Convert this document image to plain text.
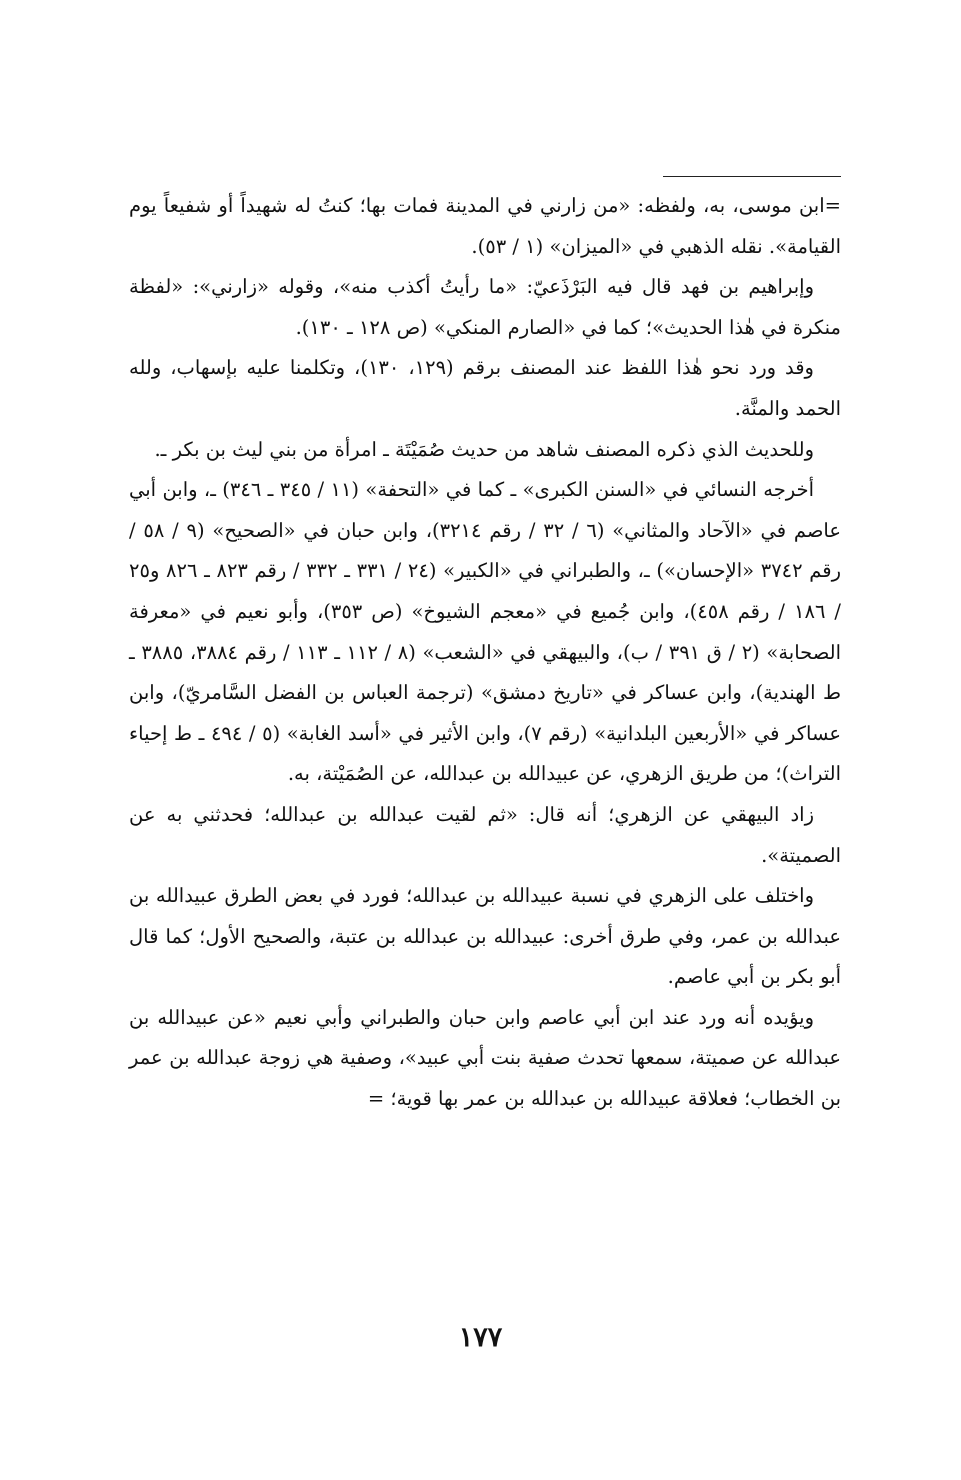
=ابن موسى، به، ولفظه: «من زارني في المدينة فمات بها؛ كنتُ له شهيداً أو شفيعاً يوم القيامة». نقله الذهبي في «الميزان» (١ / ٥٣).

وإبراهيم بن فهد قال فيه البَرْذَعيّ: «ما رأيتُ أكذب منه»، وقوله «زارني»: «لفظة منكرة في هٰذا الحديث»؛ كما في «الصارم المنكي» (ص ١٢٨ ـ ١٣٠).

وقد ورد نحو هٰذا اللفظ عند المصنف برقم (١٢٩، ١٣٠)، وتكلمنا عليه بإسهاب، ولله الحمد والمنَّة.

وللحديث الذي ذكره المصنف شاهد من حديث صُمَيْتَة ـ امرأة من بني ليث بن بكر ـ.

أخرجه النسائي في «السنن الكبرى» ـ كما في «التحفة» (١١ / ٣٤٥ ـ ٣٤٦) ـ، وابن أبي عاصم في «الآحاد والمثاني» (٦ / ٣٢ / رقم ٣٢١٤)، وابن حبان في «الصحيح» (٩ / ٥٨ / رقم ٣٧٤٢ «الإحسان») ـ، والطبراني في «الكبير» (٢٤ / ٣٣١ ـ ٣٣٢ / رقم ٨٢٣ ـ ٨٢٦ و٢٥ / ١٨٦ / رقم ٤٥٨)، وابن جُميع في «معجم الشيوخ» (ص ٣٥٣)، وأبو نعيم في «معرفة الصحابة» (٢ / ق ٣٩١ / ب)، والبيهقي في «الشعب» (٨ / ١١٢ ـ ١١٣ / رقم ٣٨٨٤، ٣٨٨٥ ـ ط الهندية)، وابن عساكر في «تاريخ دمشق» (ترجمة العباس بن الفضل السَّامريّ)، وابن عساكر في «الأربعين البلدانية» (رقم ٧)، وابن الأثير في «أسد الغابة» (٥ / ٤٩٤ ـ ط إحياء التراث)؛ من طريق الزهري، عن عبيدالله بن عبدالله، عن الصُمَيْتة، به.

زاد البيهقي عن الزهري؛ أنه قال: «ثم لقيت عبدالله بن عبدالله؛ فحدثني به عن الصميتة».

واختلف على الزهري في نسبة عبيدالله بن عبدالله؛ فورد في بعض الطرق عبيدالله بن عبدالله بن عمر، وفي طرق أخرى: عبيدالله بن عبدالله بن عتبة، والصحيح الأول؛ كما قال أبو بكر بن أبي عاصم.

ويؤيده أنه ورد عند ابن أبي عاصم وابن حبان والطبراني وأبي نعيم «عن عبيدالله بن عبدالله عن صميتة، سمعها تحدث صفية بنت أبي عبيد»، وصفية هي زوجة عبدالله بن عمر بن الخطاب؛ فعلاقة عبيدالله بن عبدالله بن عمر بها قوية؛ =

١٧٧
